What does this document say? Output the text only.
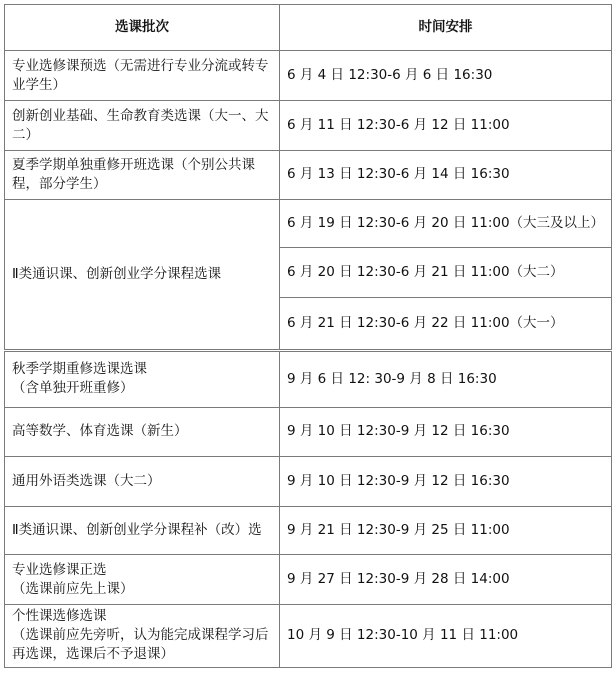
选课批次	时间安排
专业选修课预选（无需进行专业分流或转专业学生）	6 月 4 日 12:30-6 月 6 日 16:30
创新创业基础、生命教育类选课（大一、大二）	6 月 11 日 12:30-6 月 12 日 11:00
夏季学期单独重修开班选课（个别公共课程，部分学生）	6 月 13 日 12:30-6 月 14 日 16:30
Ⅱ类通识课、创新创业学分课程选课	6 月 19 日 12:30-6 月 20 日 11:00（大三及以上）
	6 月 20 日 12:30-6 月 21 日 11:00（大二）
	6 月 21 日 12:30-6 月 22 日 11:00（大一）
秋季学期重修选课选课
（含单独开班重修）	9 月 6 日 12: 30-9 月 8 日 16:30
高等数学、体育选课（新生）	9 月 10 日 12:30-9 月 12 日 16:30
通用外语类选课（大二）	9 月 10 日 12:30-9 月 12 日 16:30
Ⅱ类通识课、创新创业学分课程补（改）选	9 月 21 日 12:30-9 月 25 日 11:00
专业选修课正选
（选课前应先上课）	9 月 27 日 12:30-9 月 28 日 14:00
个性课选修选课
（选课前应先旁听，认为能完成课程学习后再选课，选课后不予退课）	10 月 9 日 12:30-10 月 11 日 11:00
